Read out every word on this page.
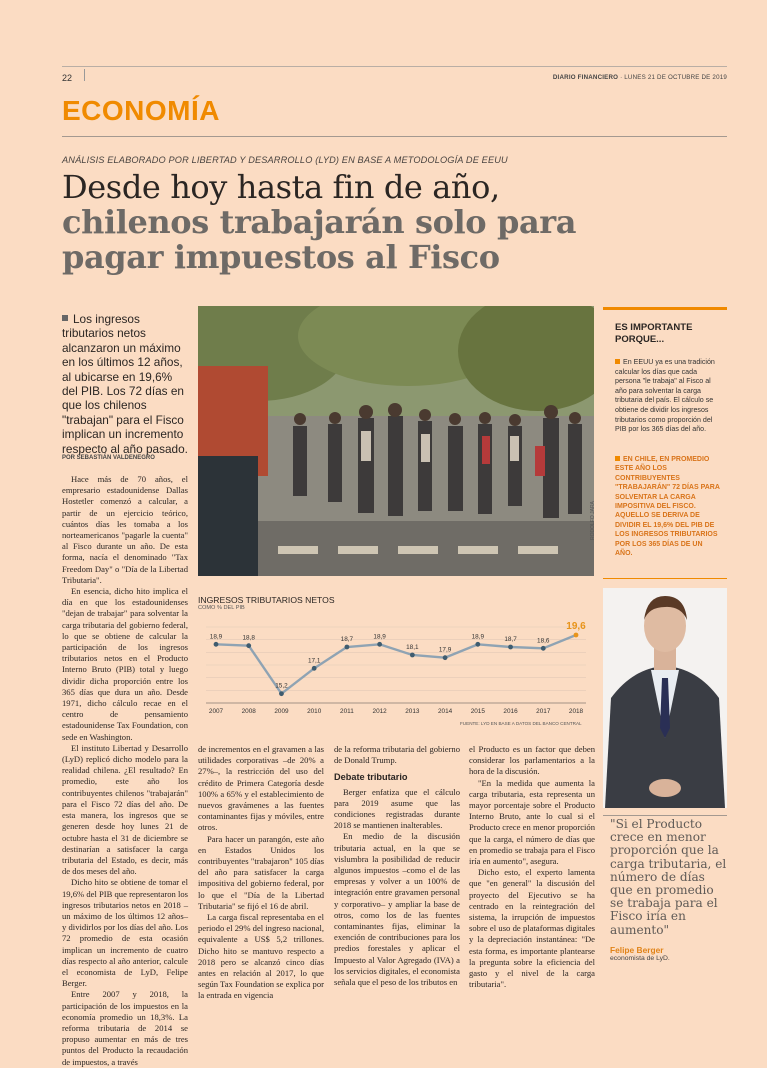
22	DIARIO FINANCIERO · LUNES 21 DE OCTUBRE DE 2019
ECONOMÍA
ANÁLISIS ELABORADO POR LIBERTAD Y DESARROLLO (LYD) EN BASE A METODOLOGÍA DE EEUU
Desde hoy hasta fin de año,
chilenos trabajarán solo para
pagar impuestos al Fisco
Los ingresos tributarios netos alcanzaron un máximo en los últimos 12 años, al ubicarse en 19,6% del PIB. Los 72 días en que los chilenos "trabajan" para el Fisco implican un incremento respecto al año pasado.
POR SEBASTIÁN VALDENEGRO
RODOLFO JARA
ES IMPORTANTE
PORQUE...
En EEUU ya es una tradición calcular los días que cada persona "le trabaja" al Fisco al año para solventar la carga tributaria del país. El cálculo se obtiene de dividir los ingresos tributarios como proporción del PIB por los 365 días del año.
EN CHILE, EN PROMEDIO ESTE AÑO LOS CONTRIBUYENTES "TRABAJARÁN" 72 DÍAS PARA SOLVENTAR LA CARGA IMPOSITIVA DEL FISCO. AQUELLO SE DERIVA DE DIVIDIR EL 19,6% DEL PIB DE LOS INGRESOS TRIBUTARIOS POR LOS 365 DÍAS DE UN AÑO.
INGRESOS TRIBUTARIOS NETOS
COMO % DEL PIB
18,9
2007
18,8
2008
15,2
2009
17,1
2010
18,7
2011
18,9
2012
18,1
2013
17,9
2014
18,9
2015
18,7
2016
18,6
2017
19,6
2018
FUENTE: LYD EN BASE A DATOS DEL BANCO CENTRAL

Hace más de 70 años, el empresario estadounidense Dallas Hostetler comenzó a calcular, a partir de un ejercicio teórico, cuántos días les tomaba a los norteamericanos "pagarle la cuenta" al Fisco durante un año. De esta forma, nacía el denominado "Tax Freedom Day" o "Día de la Libertad Tributaria".

En esencia, dicho hito implica el día en que los estadounidenses "dejan de trabajar" para solventar la carga tributaria del gobierno federal, lo que se obtiene de calcular la participación de los ingresos tributarios netos en el Producto Interno Bruto (PIB) total y luego dividir dicha proporción entre los 365 días que dura un año. Desde 1971, dicho cálculo recae en el centro de pensamiento estadounidense Tax Foundation, con sede en Washington.

El instituto Libertad y Desarrollo (LyD) replicó dicho modelo para la realidad chilena. ¿El resultado? En promedio, este año los contribuyentes chilenos "trabajarán" para el Fisco 72 días del año. De esta manera, los ingresos que se generen desde hoy lunes 21 de octubre hasta el 31 de diciembre se destinarían a satisfacer la carga tributaria del Estado, es decir, más de dos meses del año.

Dicho hito se obtiene de tomar el 19,6% del PIB que representaron los ingresos tributarios netos en 2018 –un máximo de los últimos 12 años– y dividirlos por los días del año. Los 72 promedio de esta ocasión implican un incremento de cuatro días respecto al año anterior, calcule el economista de LyD, Felipe Berger.

Entre 2007 y 2018, la participación de los impuestos en la economía promedio un 18,3%. La reforma tributaria de 2014 se propuso aumentar en más de tres puntos del Producto la recaudación de impuestos, a través

de incrementos en el gravamen a las utilidades corporativas –de 20% a 27%–, la restricción del uso del crédito de Primera Categoría desde 100% a 65% y el establecimiento de nuevos gravámenes a las fuentes contaminantes fijas y móviles, entre otros.

Para hacer un parangón, este año en Estados Unidos los contribuyentes "trabajaron" 105 días del año para satisfacer la carga impositiva del gobierno federal, por lo que el "Día de la Libertad Tributaria" se fijó el 16 de abril.

La carga fiscal representaba en el periodo el 29% del ingreso nacional, equivalente a US$ 5,2 trillones. Dicho hito se mantuvo respecto a 2018 pero se alcanzó cinco días antes en relación al 2017, lo que según Tax Foundation se explica por la entrada en vigencia

de la reforma tributaria del gobierno de Donald Trump.

Debate tributario

Berger enfatiza que el cálculo para 2019 asume que las condiciones registradas durante 2018 se mantienen inalterables.

En medio de la discusión tributaria actual, en la que se vislumbra la posibilidad de reducir algunos impuestos –como el de las empresas y volver a un 100% de integración entre gravamen personal y corporativo– y ampliar la base de otros, como los de las fuentes contaminantes fijas, eliminar la exención de contribuciones para los predios forestales y aplicar el Impuesto al Valor Agregado (IVA) a los servicios digitales, el economista señala que el peso de los tributos en

el Producto es un factor que deben considerar los parlamentarios a la hora de la discusión.

"En la medida que aumenta la carga tributaria, esta representa un mayor porcentaje sobre el Producto Interno Bruto, ante lo cual si el Producto crece en menor proporción que la carga, el número de días que en promedio se trabaja para el Fisco iría en aumento", asegura.

Dicho esto, el experto lamenta que "en general" la discusión del proyecto del Ejecutivo se ha centrado en la reintegración del sistema, la irrupción de impuestos sobre el uso de plataformas digitales y la depreciación instantánea: "De esta forma, es importante plantearse la pregunta sobre la eficiencia del gasto y el nivel de la carga tributaria".

"Si el Producto crece en menor proporción que la carga tributaria, el número de días que en promedio se trabaja para el Fisco iría en aumento"
Felipe Berger
economista de LyD.
